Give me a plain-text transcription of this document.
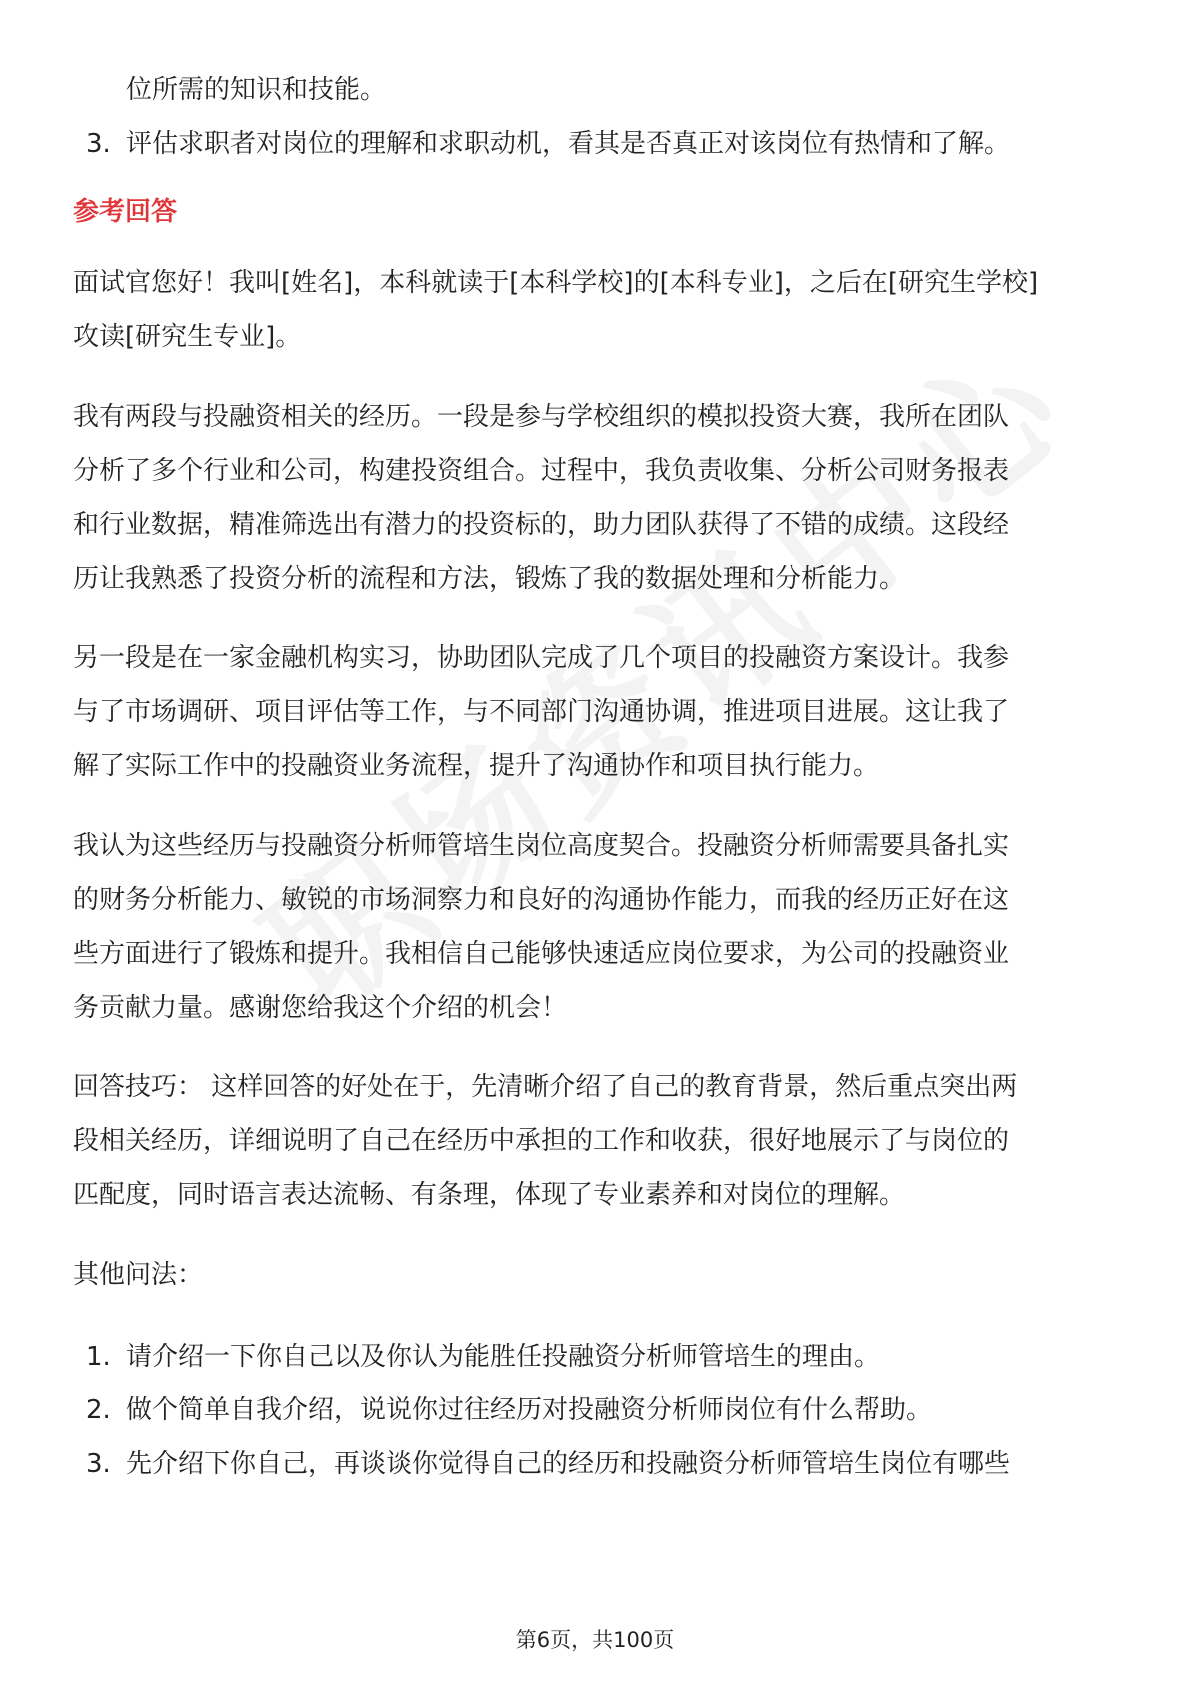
位所需的知识和技能。
3. 评估求职者对岗位的理解和求职动机，看其是否真正对该岗位有热情和了解。
参考回答
面试官您好！我叫[姓名]，本科就读于[本科学校]的[本科专业]，之后在[研究生学校]
攻读[研究生专业]。
我有两段与投融资相关的经历。一段是参与学校组织的模拟投资大赛，我所在团队
分析了多个行业和公司，构建投资组合。过程中，我负责收集、分析公司财务报表
和行业数据，精准筛选出有潜力的投资标的，助力团队获得了不错的成绩。这段经
历让我熟悉了投资分析的流程和方法，锻炼了我的数据处理和分析能力。
另一段是在一家金融机构实习，协助团队完成了几个项目的投融资方案设计。我参
与了市场调研、项目评估等工作，与不同部门沟通协调，推进项目进展。这让我了
解了实际工作中的投融资业务流程，提升了沟通协作和项目执行能力。
我认为这些经历与投融资分析师管培生岗位高度契合。投融资分析师需要具备扎实
的财务分析能力、敏锐的市场洞察力和良好的沟通协作能力，而我的经历正好在这
些方面进行了锻炼和提升。我相信自己能够快速适应岗位要求，为公司的投融资业
务贡献力量。感谢您给我这个介绍的机会！
回答技巧： 这样回答的好处在于，先清晰介绍了自己的教育背景，然后重点突出两
段相关经历，详细说明了自己在经历中承担的工作和收获，很好地展示了与岗位的
匹配度，同时语言表达流畅、有条理，体现了专业素养和对岗位的理解。
其他问法：
1. 请介绍一下你自己以及你认为能胜任投融资分析师管培生的理由。
2. 做个简单自我介绍，说说你过往经历对投融资分析师岗位有什么帮助。
3. 先介绍下你自己，再谈谈你觉得自己的经历和投融资分析师管培生岗位有哪些
第6页，共100页
